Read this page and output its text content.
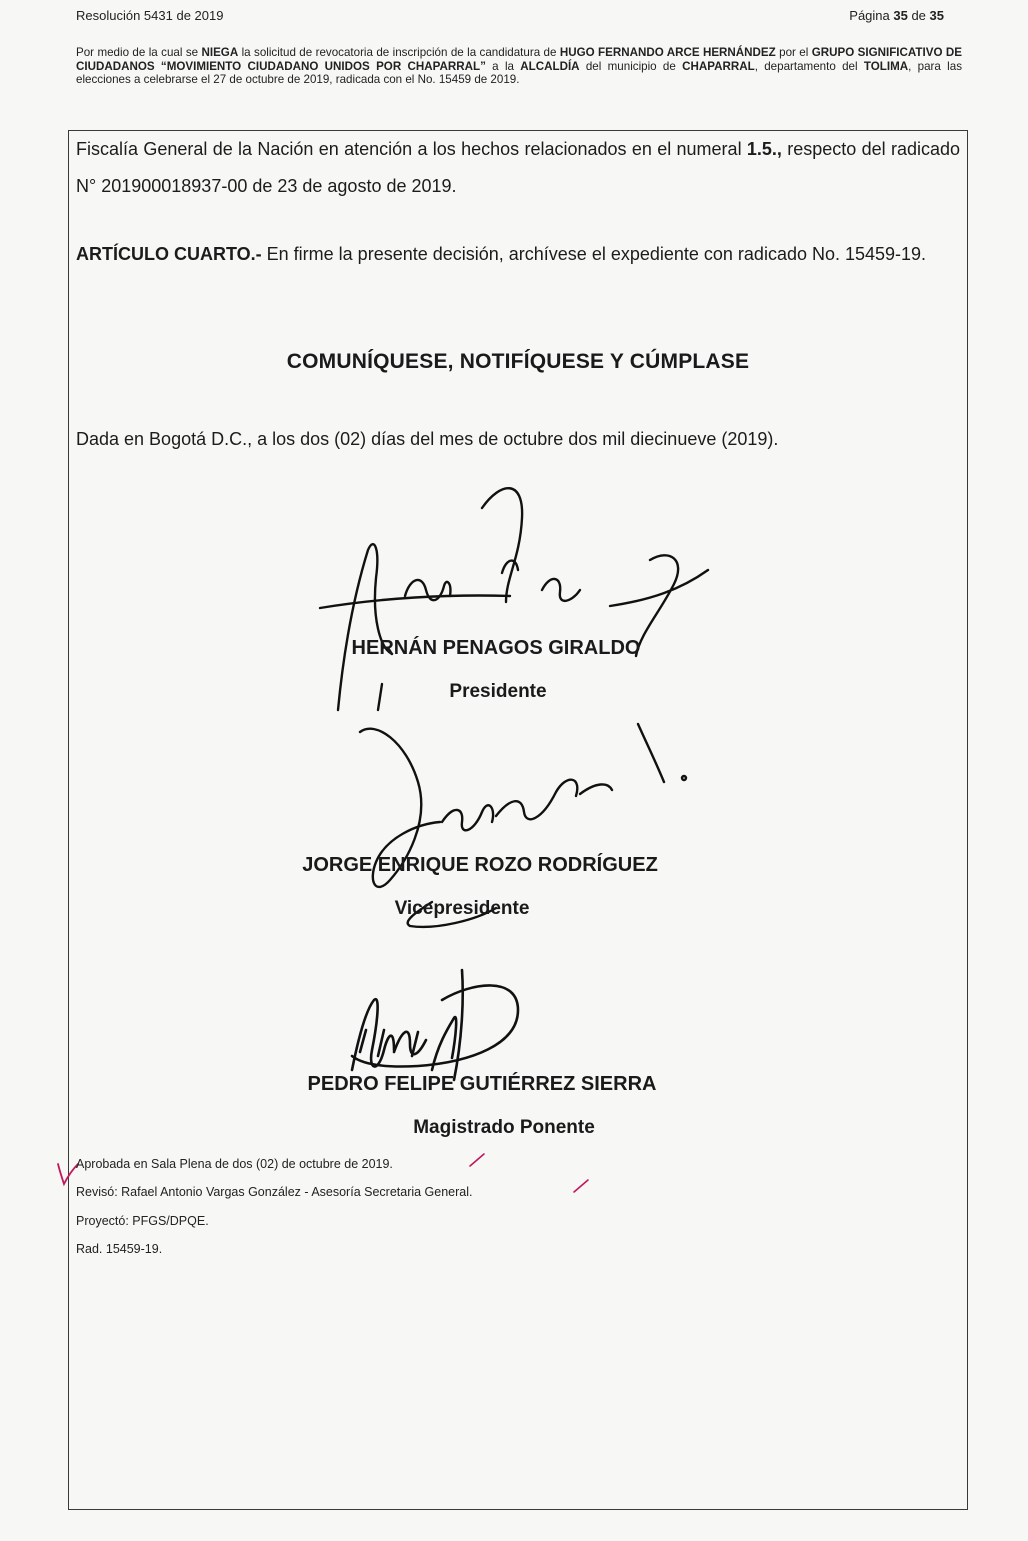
Resolución 5431 de 2019	Página 35 de 35
Por medio de la cual se NIEGA la solicitud de revocatoria de inscripción de la candidatura de HUGO FERNANDO ARCE HERNÁNDEZ por el GRUPO SIGNIFICATIVO DE CIUDADANOS “MOVIMIENTO CIUDADANO UNIDOS POR CHAPARRAL” a la ALCALDÍA del municipio de CHAPARRAL, departamento del TOLIMA, para las elecciones a celebrarse el 27 de octubre de 2019, radicada con el No. 15459 de 2019.
Fiscalía General de la Nación en atención a los hechos relacionados en el numeral 1.5., respecto del radicado N° 201900018937-00 de 23 de agosto de 2019.
ARTÍCULO CUARTO.- En firme la presente decisión, archívese el expediente con radicado No. 15459-19.
COMUNÍQUESE, NOTIFÍQUESE Y CÚMPLASE
Dada en Bogotá D.C., a los dos (02) días del mes de octubre dos mil diecinueve (2019).
HERNÁN PENAGOS GIRALDO
Presidente
JORGE ENRIQUE ROZO RODRÍGUEZ
Vicepresidente
PEDRO FELIPE GUTIÉRREZ SIERRA
Magistrado Ponente
Aprobada en Sala Plena de dos (02) de octubre de 2019.
Revisó: Rafael Antonio Vargas González - Asesoría Secretaria General.
Proyectó: PFGS/DPQE.
Rad. 15459-19.
